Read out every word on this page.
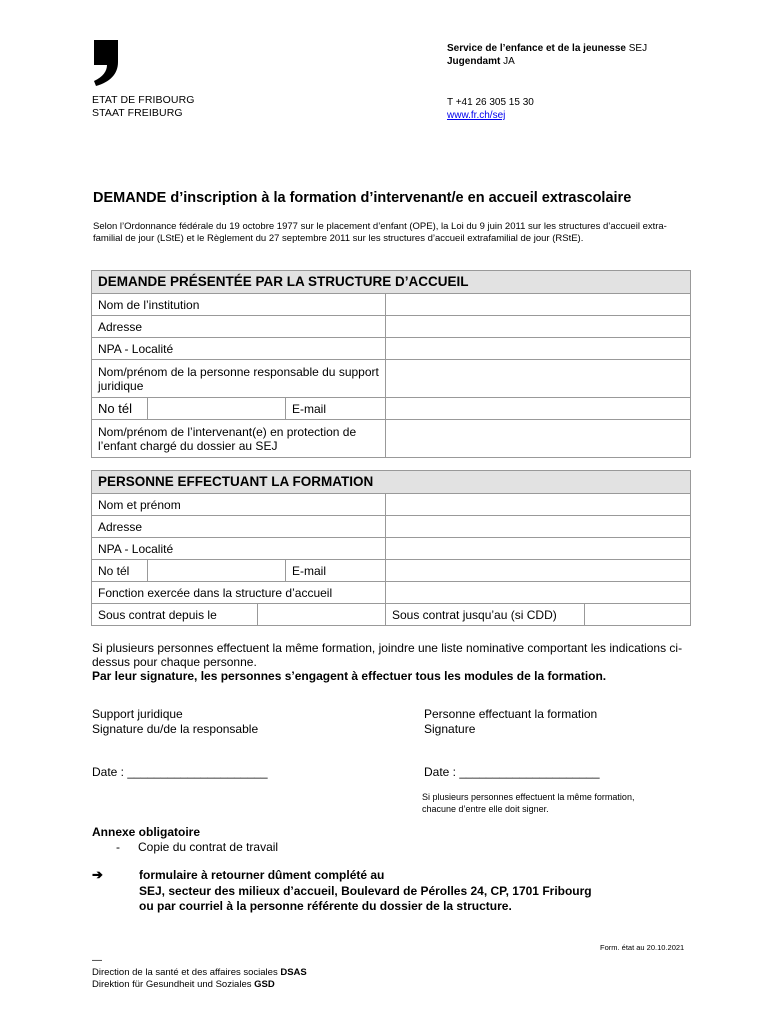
ETAT DE FRIBOURG
STAAT FREIBURG
Service de l’enfance et de la jeunesse SEJ
Jugendamt JA
T +41 26 305 15 30
www.fr.ch/sej
DEMANDE d’inscription à la formation d’intervenant/e en accueil extrascolaire
Selon l’Ordonnance fédérale du 19 octobre 1977 sur le placement d’enfant (OPE), la Loi du 9 juin 2011 sur les structures d’accueil extra-familial de jour (LStE) et le Règlement du 27 septembre 2011 sur les structures d’accueil extrafamilial de jour (RStE).
DEMANDE PRÉSENTÉE PAR LA STRUCTURE D’ACCUEIL			
Nom de l’institution			
Adresse			
NPA - Localité			
Nom/prénom de la personne responsable du support juridique			
No tél		E-mail	
Nom/prénom de l’intervenant(e) en protection de l’enfant chargé du dossier au SEJ			
PERSONNE EFFECTUANT LA FORMATION					
Nom et prénom					
Adresse					
NPA - Localité					
No tél			E-mail		
Fonction exercée dans la structure d’accueil					
Sous contrat depuis le				Sous contrat jusqu’au (si CDD)	
Si plusieurs personnes effectuent la même formation, joindre une liste nominative comportant les indications ci-dessus pour chaque personne.
Par leur signature, les personnes s’engagent à effectuer tous les modules de la formation.
Support juridique
Signature du/de la responsable
Personne effectuant la formation
Signature
Date : _____________________	Date : _____________________
Si plusieurs personnes effectuent la même formation,
chacune d’entre elle doit signer.
Annexe obligatoire
- Copie du contrat de travail
➔	formulaire à retourner dûment complété au
SEJ, secteur des milieux d’accueil, Boulevard de Pérolles 24, CP, 1701 Fribourg
ou par courriel à la personne référente du dossier de la structure.
Form. état au 20.10.2021
—
Direction de la santé et des affaires sociales DSAS
Direktion für Gesundheit und Soziales GSD
